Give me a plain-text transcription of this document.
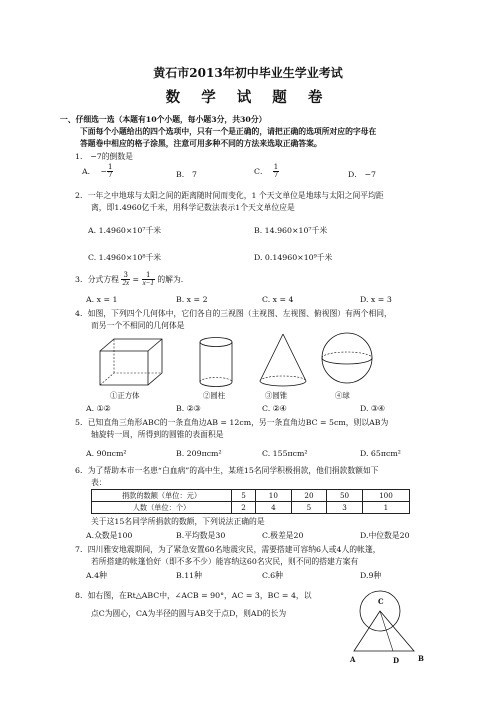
黄石市2013年初中毕业生学业考试
数 学 试 题 卷
一、仔细选一选（本题有10个小题，每小题3分，共30分）
下面每个小题给出的四个选项中，只有一个是正确的，请把正确的选项所对应的字母在
答题卷中相应的格子涂黑，注意可用多种不同的方法来选取正确答案。
1． −7的倒数是
A． − $\frac{1}{7}$	B． 7	C． $\frac{1}{7}$	D． −7
2．一年之中地球与太阳之间的距离随时间而变化，1 个天文单位是地球与太阳之间平均距
离，即1.4960亿千米，用科学记数法表示1个天文单位应是
A. 1.4960×10⁷千米	B. 14.960×10⁷千米
C. 1.4960×10⁸千米	D. 0.14960×10⁹千米
3．分式方程 $\frac{3}{2x} = \frac{1}{x-1}$ 的解为.
A. x = 1	B. x = 2	C. x = 4	D. x = 3
4．如图，下列四个几何体中，它们各自的三视图（主视图、左视图、俯视图）有两个相同，
而另一个不相同的几何体是
①正方体	②圆柱	③圆锥	④球
A. ①②	B. ②③	C. ②④	D. ③④
5．已知直角三角形ABC的一条直角边AB = 12cm，另一条直角边BC = 5cm，则以AB为
轴旋转一周，所得到的圆锥的表面积是
A. 90πcm²	B. 209πcm²	C. 155πcm²	D. 65πcm²
6．为了帮助本市一名患“白血病”的高中生，某班15名同学积极捐款，他们捐款数额如下
表：
捐款的数额（单位：元）	5	10	20	50	100
人数（单位：个）	2	4	5	3	1
关于这15名同学所捐款的数额，下列说法正确的是
A.众数是100	B.平均数是30	C.极差是20	D.中位数是20
7．四川雅安地震期间，为了紧急安置60名地震灾民，需要搭建可容纳6人或4人的帐篷，
若所搭建的帐篷恰好（即不多不少）能容纳这60名灾民，则不同的搭建方案有
A.4种	B.11种	C.6种	D.9种
8．如右图，在Rt△ABC中，∠ACB = 90°，AC = 3，BC = 4，以
点C为圆心，CA为半径的圆与AB交于点D，则AD的长为
C
A	D	B
